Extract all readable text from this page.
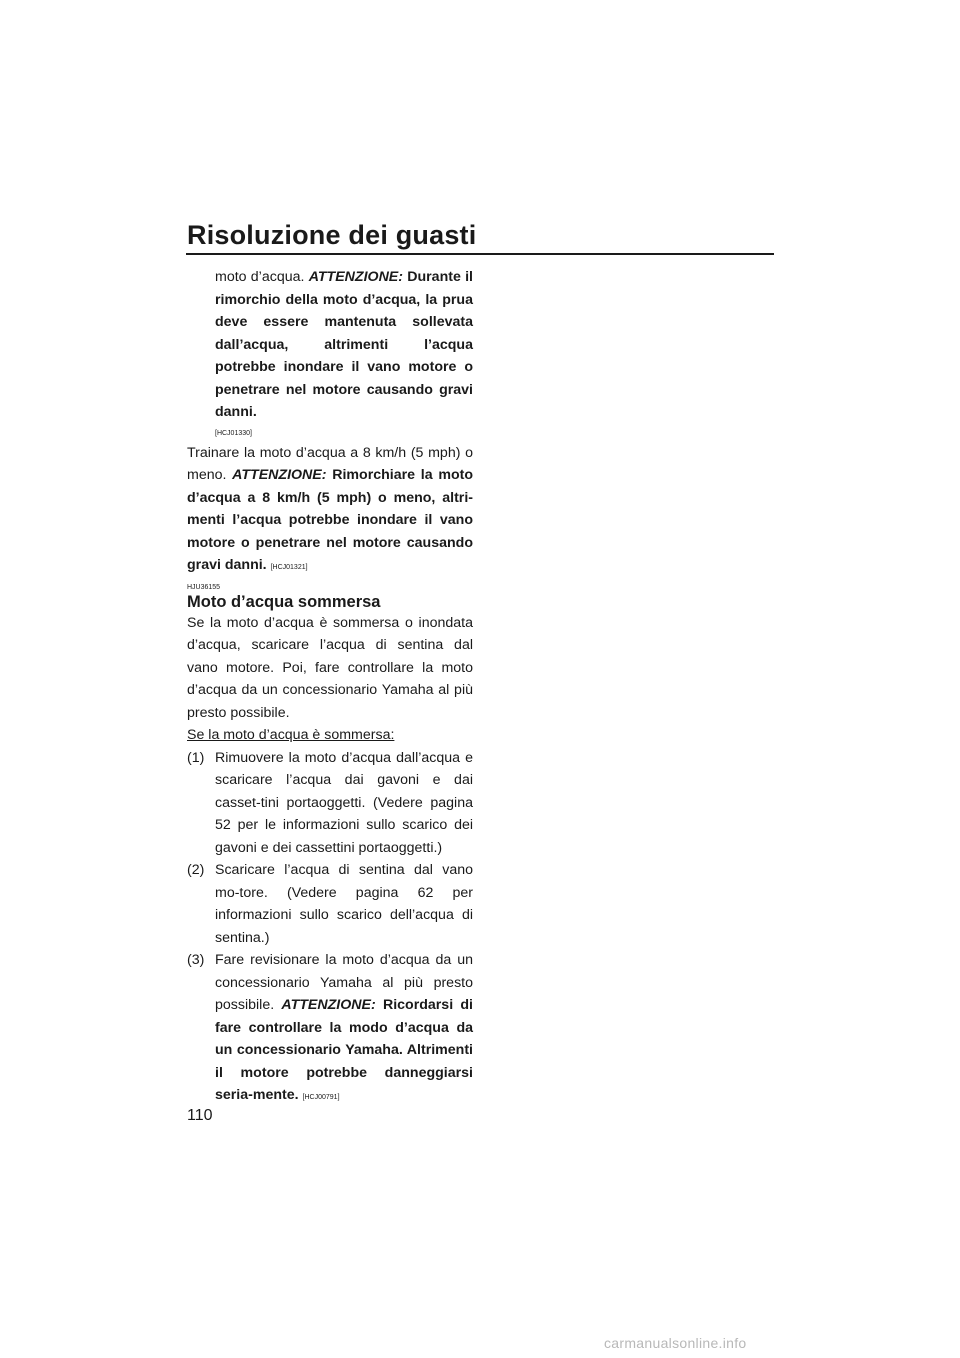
Risoluzione dei guasti

moto d’acqua. ATTENZIONE: Durante il rimorchio della moto d’acqua, la prua deve essere mantenuta sollevata dall’acqua, altrimenti l’acqua potrebbe inondare il vano motore o penetrare nel motore causando gravi danni.

[HCJ01330]

Trainare la moto d’acqua a 8 km/h (5 mph) o meno. ATTENZIONE: Rimorchiare la moto d’acqua a 8 km/h (5 mph) o meno, altri-menti l’acqua potrebbe inondare il vano motore o penetrare nel motore causando gravi danni. [HCJ01321]

HJU36155
Moto d’acqua sommersa

Se la moto d’acqua è sommersa o inondata d’acqua, scaricare l’acqua di sentina dal vano motore. Poi, fare controllare la moto d’acqua da un concessionario Yamaha al più presto possibile.

Se la moto d’acqua è sommersa:
(1) Rimuovere la moto d’acqua dall’acqua e scaricare l’acqua dai gavoni e dai casset-tini portaoggetti. (Vedere pagina 52 per le informazioni sullo scarico dei gavoni e dei cassettini portaoggetti.)
(2) Scaricare l’acqua di sentina dal vano mo-tore. (Vedere pagina 62 per informazioni sullo scarico dell’acqua di sentina.)
(3) Fare revisionare la moto d’acqua da un concessionario Yamaha al più presto possibile. ATTENZIONE: Ricordarsi di fare controllare la modo d’acqua da un concessionario Yamaha. Altrimenti il motore potrebbe danneggiarsi seria-mente. [HCJ00791]
110
carmanualsonline.info
